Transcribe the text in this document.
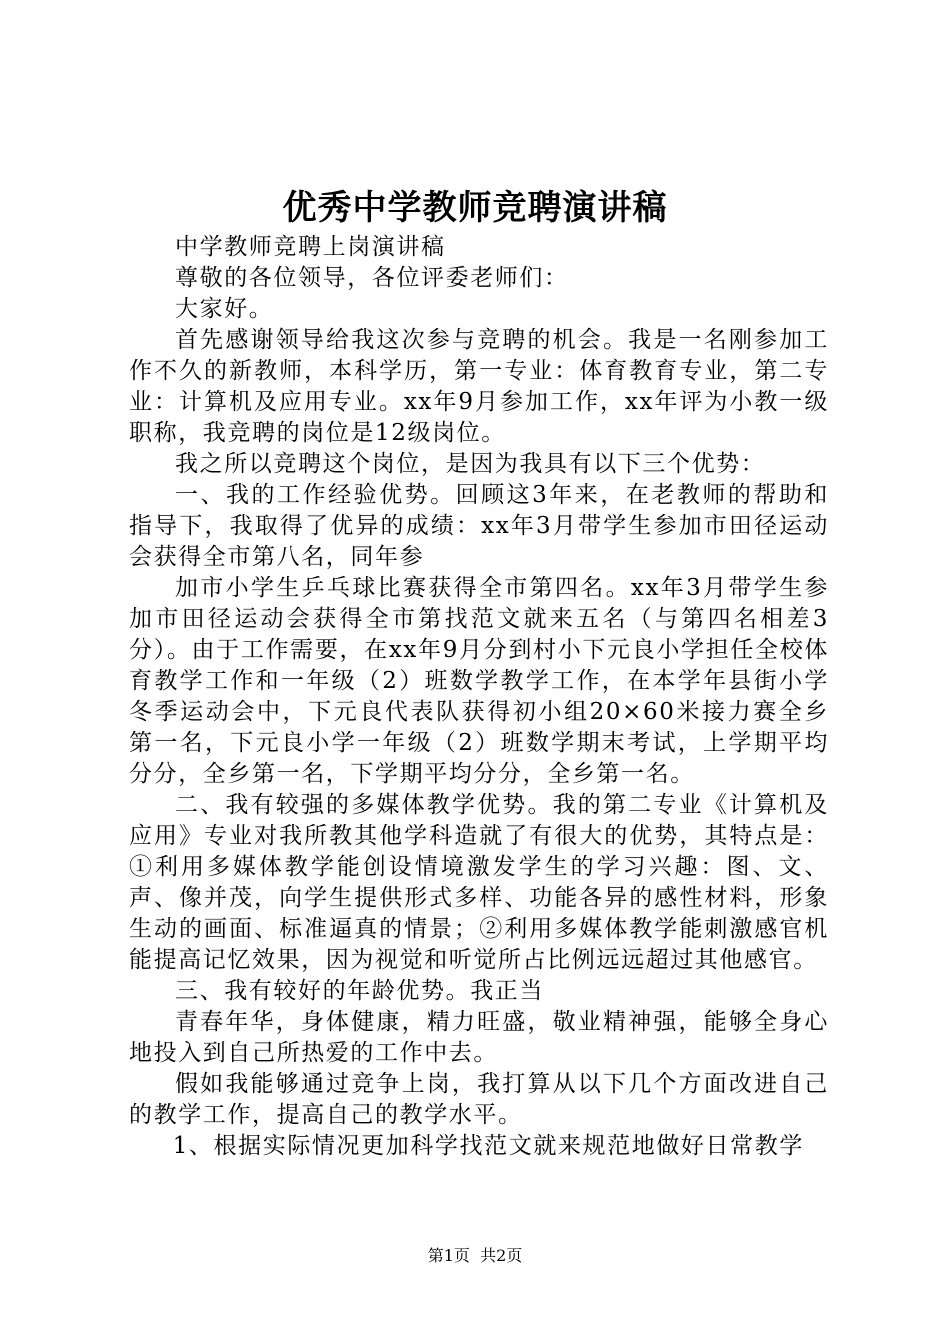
优秀中学教师竞聘演讲稿

中学教师竞聘上岗演讲稿

尊敬的各位领导，各位评委老师们：

大家好。

首先感谢领导给我这次参与竞聘的机会。我是一名刚参加工作不久的新教师，本科学历，第一专业：体育教育专业，第二专业：计算机及应用专业。xx年9月参加工作，xx年评为小教一级职称，我竞聘的岗位是12级岗位。

我之所以竞聘这个岗位，是因为我具有以下三个优势：

一、我的工作经验优势。回顾这3年来，在老教师的帮助和指导下，我取得了优异的成绩：xx年3月带学生参加市田径运动会获得全市第八名，同年参

加市小学生乒乓球比赛获得全市第四名。xx年3月带学生参加市田径运动会获得全市第找范文就来五名（与第四名相差3分）。由于工作需要，在xx年9月分到村小下元良小学担任全校体育教学工作和一年级（2）班数学教学工作，在本学年县街小学冬季运动会中，下元良代表队获得初小组20×60米接力赛全乡第一名，下元良小学一年级（2）班数学期末考试，上学期平均分分，全乡第一名，下学期平均分分，全乡第一名。

二、我有较强的多媒体教学优势。我的第二专业《计算机及应用》专业对我所教其他学科造就了有很大的优势，其特点是：①利用多媒体教学能创设情境激发学生的学习兴趣：图、文、声、像并茂，向学生提供形式多样、功能各异的感性材料，形象生动的画面、标准逼真的情景；②利用多媒体教学能刺激感官机能提高记忆效果，因为视觉和听觉所占比例远远超过其他感官。

三、我有较好的年龄优势。我正当

青春年华，身体健康，精力旺盛，敬业精神强，能够全身心地投入到自己所热爱的工作中去。

假如我能够通过竞争上岗，我打算从以下几个方面改进自己的教学工作，提高自己的教学水平。

1、根据实际情况更加科学找范文就来规范地做好日常教学

第1页 共2页
